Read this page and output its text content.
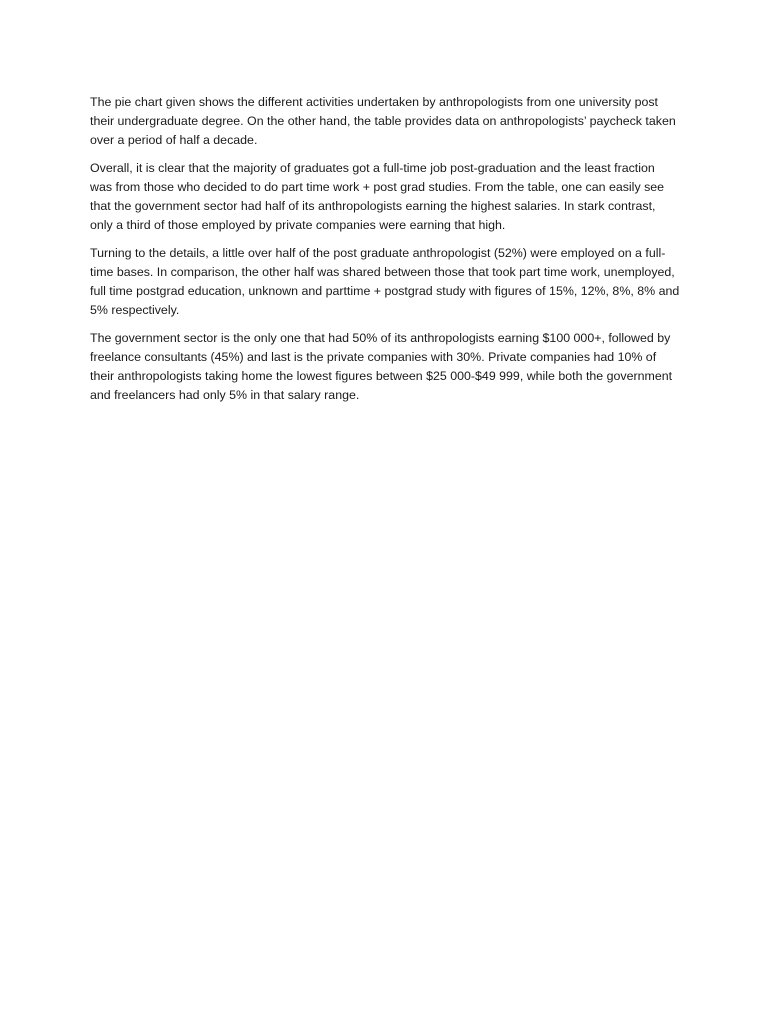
The pie chart given shows the different activities undertaken by anthropologists from one university post their undergraduate degree. On the other hand, the table provides data on anthropologists’ paycheck taken over a period of half a decade.

Overall, it is clear that the majority of graduates got a full-time job post-graduation and the least fraction was from those who decided to do part time work + post grad studies. From the table, one can easily see that the government sector had half of its anthropologists earning the highest salaries. In stark contrast, only a third of those employed by private companies were earning that high.

Turning to the details, a little over half of the post graduate anthropologist (52%) were employed on a full- time bases. In comparison, the other half was shared between those that took part time work, unemployed, full time postgrad education, unknown and parttime + postgrad study with figures of 15%, 12%, 8%, 8% and 5% respectively.

The government sector is the only one that had 50% of its anthropologists earning $100 000+, followed by freelance consultants (45%) and last is the private companies with 30%. Private companies had 10% of their anthropologists taking home the lowest figures between $25 000-$49 999, while both the government and freelancers had only 5% in that salary range.
